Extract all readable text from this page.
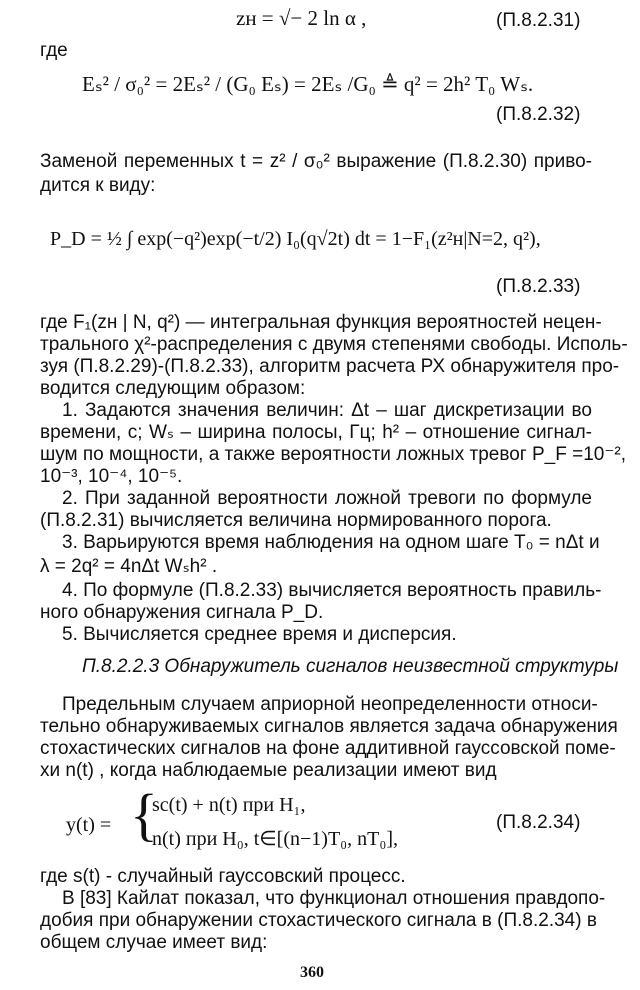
zн = √− 2 ln α ,	(П.8.2.31)
где
Eₛ² / σ₀² = 2Eₛ² / (G₀ Eₛ) = 2Eₛ /G₀ ≜ q² = 2h² T₀ Wₛ.
(П.8.2.32)
Заменой переменных t = z² / σ₀² выражение (П.8.2.30) приво-
дится к виду:
P_D = ½ ∫ exp(−q²)exp(−t/2) I₀(q√2t) dt = 1−F₁(z²н|N=2, q²),
(П.8.2.33)
где F₁(zн | N, q²) — интегральная функция вероятностей нецен-
трального χ²-распределения с двумя степенями свободы. Исполь-
зуя (П.8.2.29)-(П.8.2.33), алгоритм расчета РХ обнаружителя про-
водится следующим образом:
1. Задаются значения величин: Δt – шаг дискретизации во
времени, с; Wₛ – ширина полосы, Гц; h² – отношение сигнал-
шум по мощности, а также вероятности ложных тревог P_F =10⁻²,
10⁻³, 10⁻⁴, 10⁻⁵.
2. При заданной вероятности ложной тревоги по формуле
(П.8.2.31) вычисляется величина нормированного порога.
3. Варьируются время наблюдения на одном шаге T₀ = nΔt и
λ = 2q² = 4nΔt Wₛh² .
4. По формуле (П.8.2.33) вычисляется вероятность правиль-
ного обнаружения сигнала P_D.
5. Вычисляется среднее время и дисперсия.
П.8.2.2.3 Обнаружитель сигналов неизвестной структуры
Предельным случаем априорной неопределенности относи-
тельно обнаруживаемых сигналов является задача обнаружения
стохастических сигналов на фоне аддитивной гауссовской поме-
хи n(t) , когда наблюдаемые реализации имеют вид
y(t) = {
sс(t) + n(t) при H₁,
n(t) при H₀, t∈[(n−1)T₀, nT₀],
(П.8.2.34)
где s(t) - случайный гауссовский процесс.
В [83] Кайлат показал, что функционал отношения правдопо-
добия при обнаружении стохастического сигнала в (П.8.2.34) в
общем случае имеет вид:
360
